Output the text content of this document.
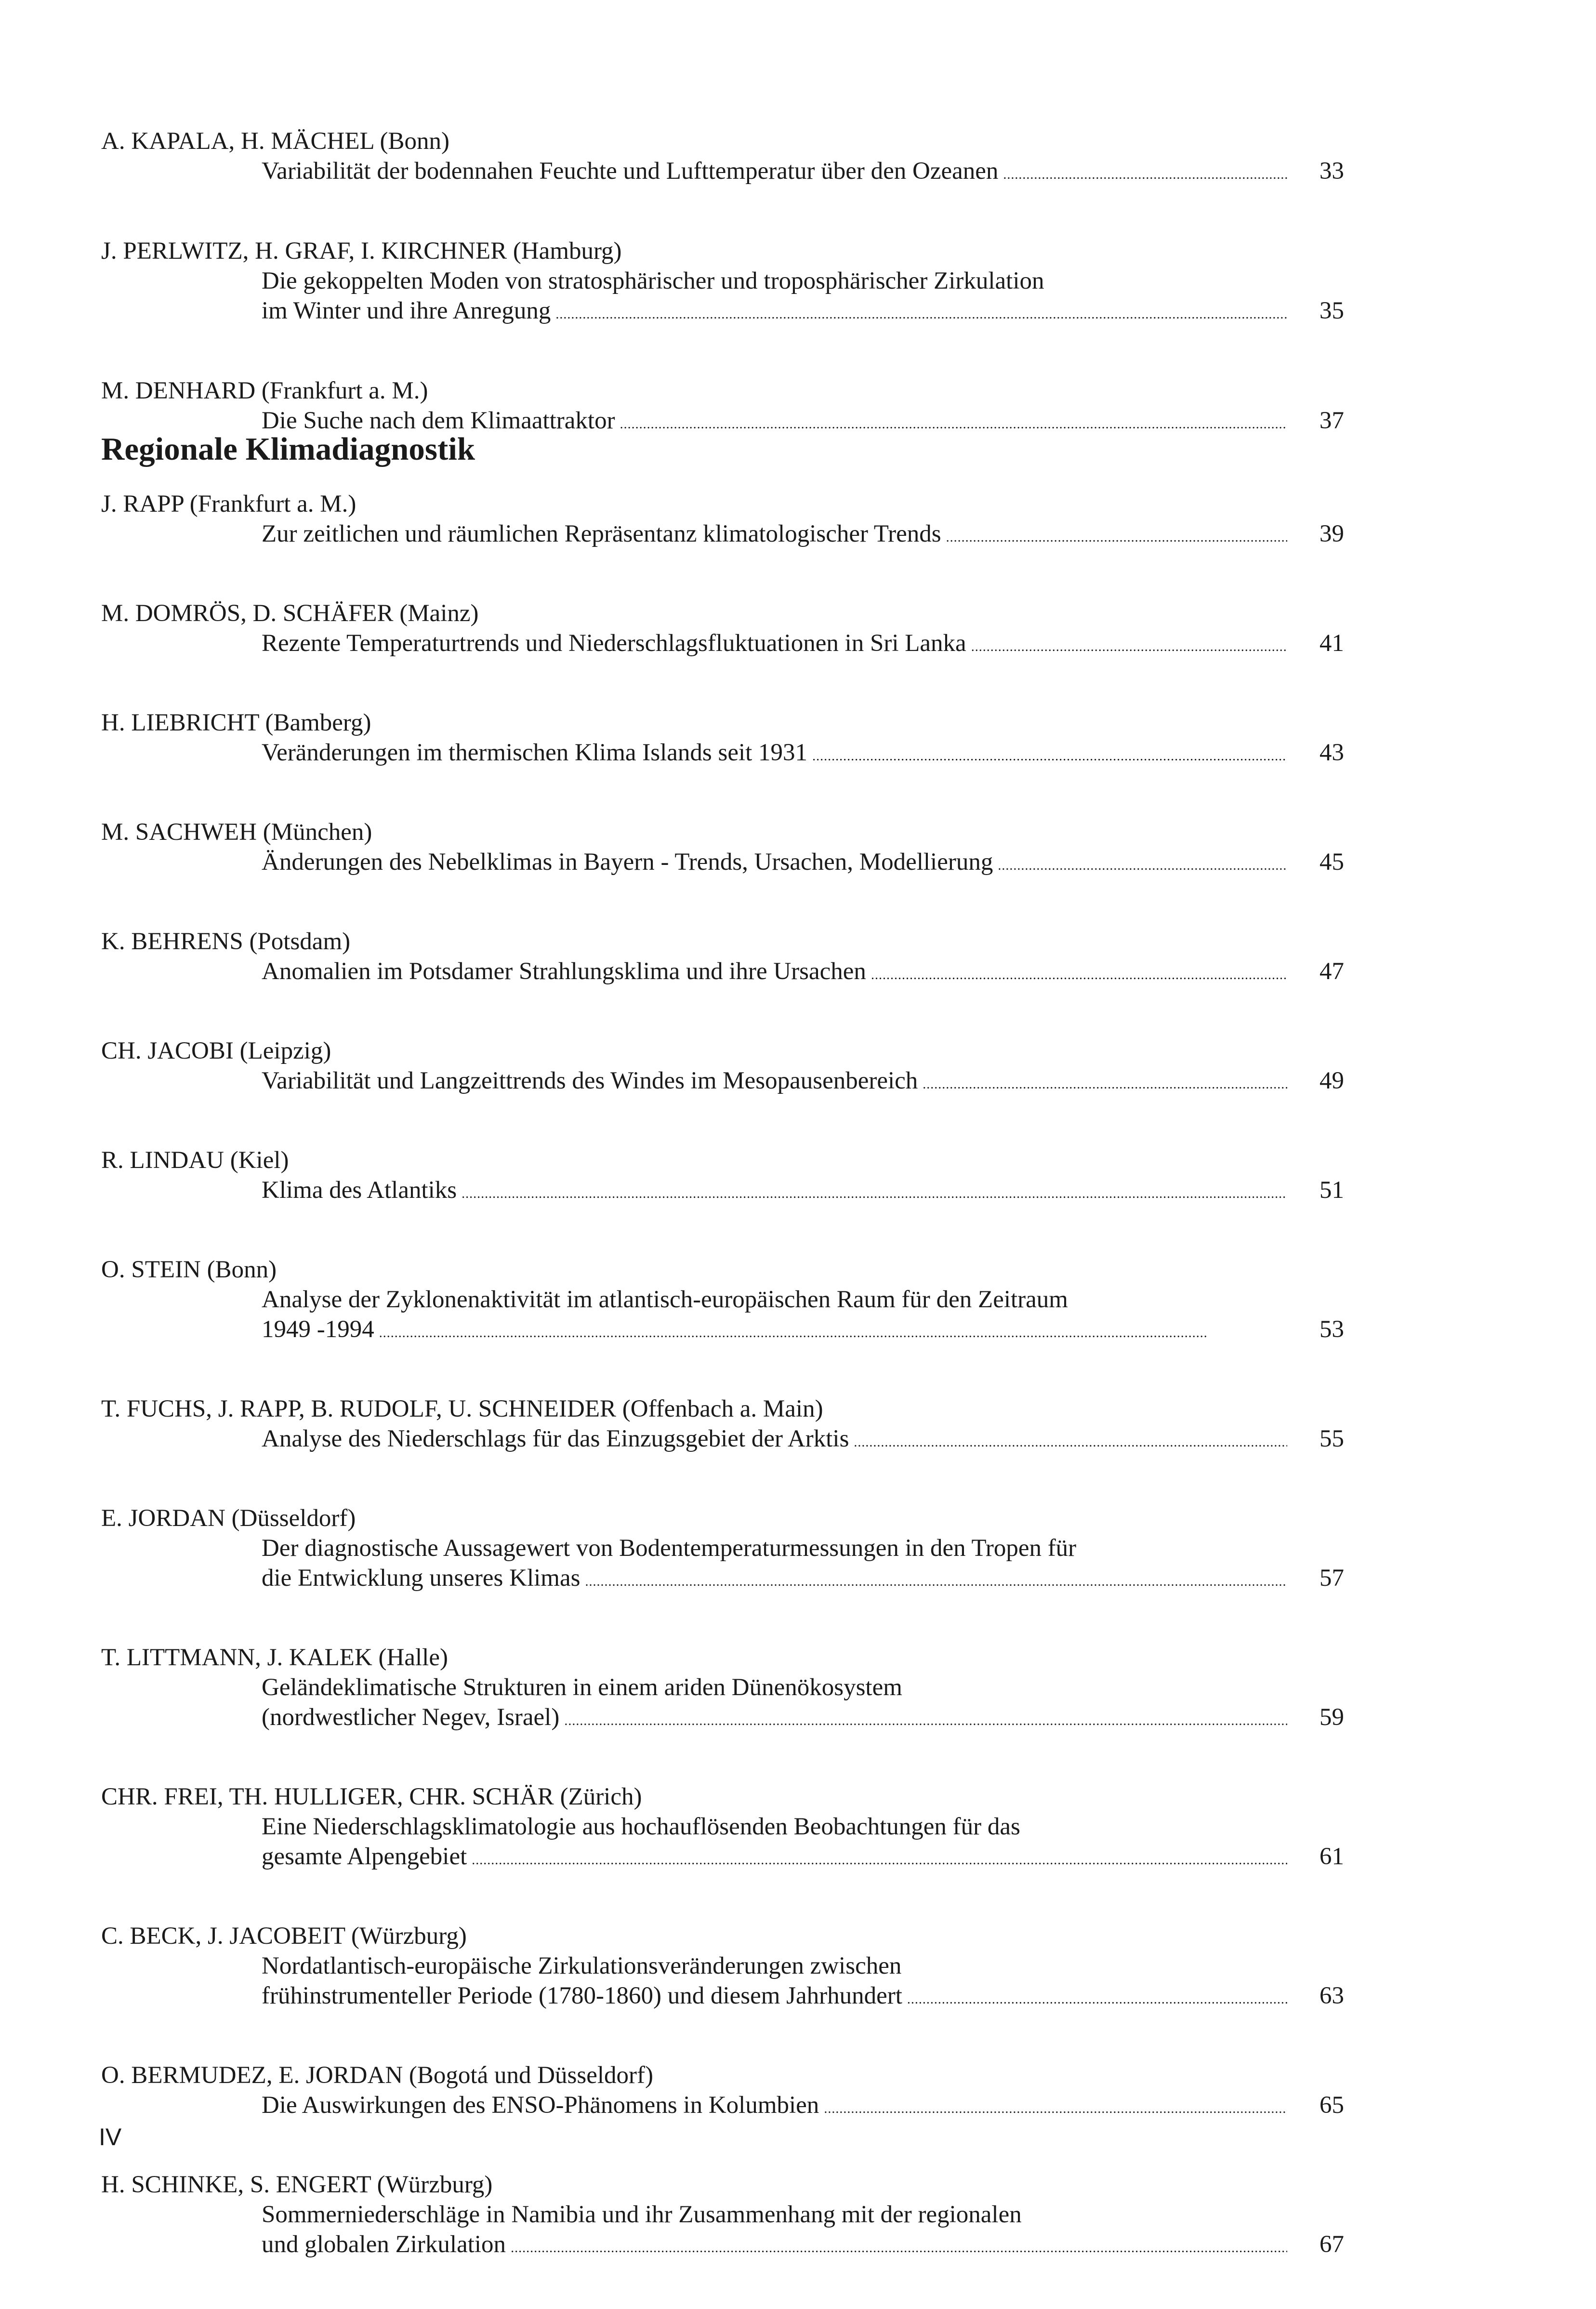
A. KAPALA, H. MÄCHEL (Bonn)
Variabilität der bodennahen Feuchte und Lufttemperatur über den Ozeanen . . .	33
J. PERLWITZ, H. GRAF, I. KIRCHNER (Hamburg)
Die gekoppelten Moden von stratosphärischer und troposphärischer Zirkulation
im Winter und ihre Anregung . . .	35
M. DENHARD (Frankfurt a. M.)
Die Suche nach dem Klimaattraktor . . .	37
Regionale Klimadiagnostik
J. RAPP (Frankfurt a. M.)
Zur zeitlichen und räumlichen Repräsentanz klimatologischer Trends . . .	39
M. DOMRÖS, D. SCHÄFER (Mainz)
Rezente Temperaturtrends und Niederschlagsfluktuationen in Sri Lanka . . .	41
H. LIEBRICHT (Bamberg)
Veränderungen im thermischen Klima Islands seit 1931 . . .	43
M. SACHWEH (München)
Änderungen des Nebelklimas in Bayern - Trends, Ursachen, Modellierung . . .	45
K. BEHRENS (Potsdam)
Anomalien im Potsdamer Strahlungsklima und ihre Ursachen . . .	47
CH. JACOBI (Leipzig)
Variabilität und Langzeittrends des Windes im Mesopausenbereich . . .	49
R. LINDAU (Kiel)
Klima des Atlantiks . . .	51
O. STEIN (Bonn)
Analyse der Zyklonenaktivität im atlantisch-europäischen Raum für den Zeitraum
1949 -1994 . . .	53
T. FUCHS, J. RAPP, B. RUDOLF, U. SCHNEIDER (Offenbach a. Main)
Analyse des Niederschlags für das Einzugsgebiet der Arktis . . .	55
E. JORDAN (Düsseldorf)
Der diagnostische Aussagewert von Bodentemperaturmessungen in den Tropen für
die Entwicklung unseres Klimas . . .	57
T. LITTMANN, J. KALEK (Halle)
Geländeklimatische Strukturen in einem ariden Dünenökosystem
(nordwestlicher Negev, Israel) . . .	59
CHR. FREI, TH. HULLIGER, CHR. SCHÄR (Zürich)
Eine Niederschlagsklimatologie aus hochauflösenden Beobachtungen für das
gesamte Alpengebiet . . .	61
C. BECK, J. JACOBEIT (Würzburg)
Nordatlantisch-europäische Zirkulationsveränderungen zwischen
frühinstrumenteller Periode (1780-1860) und diesem Jahrhundert . . .	63
O. BERMUDEZ, E. JORDAN (Bogotá und Düsseldorf)
Die Auswirkungen des ENSO-Phänomens in Kolumbien . . .	65
H. SCHINKE, S. ENGERT (Würzburg)
Sommerniederschläge in Namibia und ihr Zusammenhang mit der regionalen
und globalen Zirkulation . . .	67
IV
